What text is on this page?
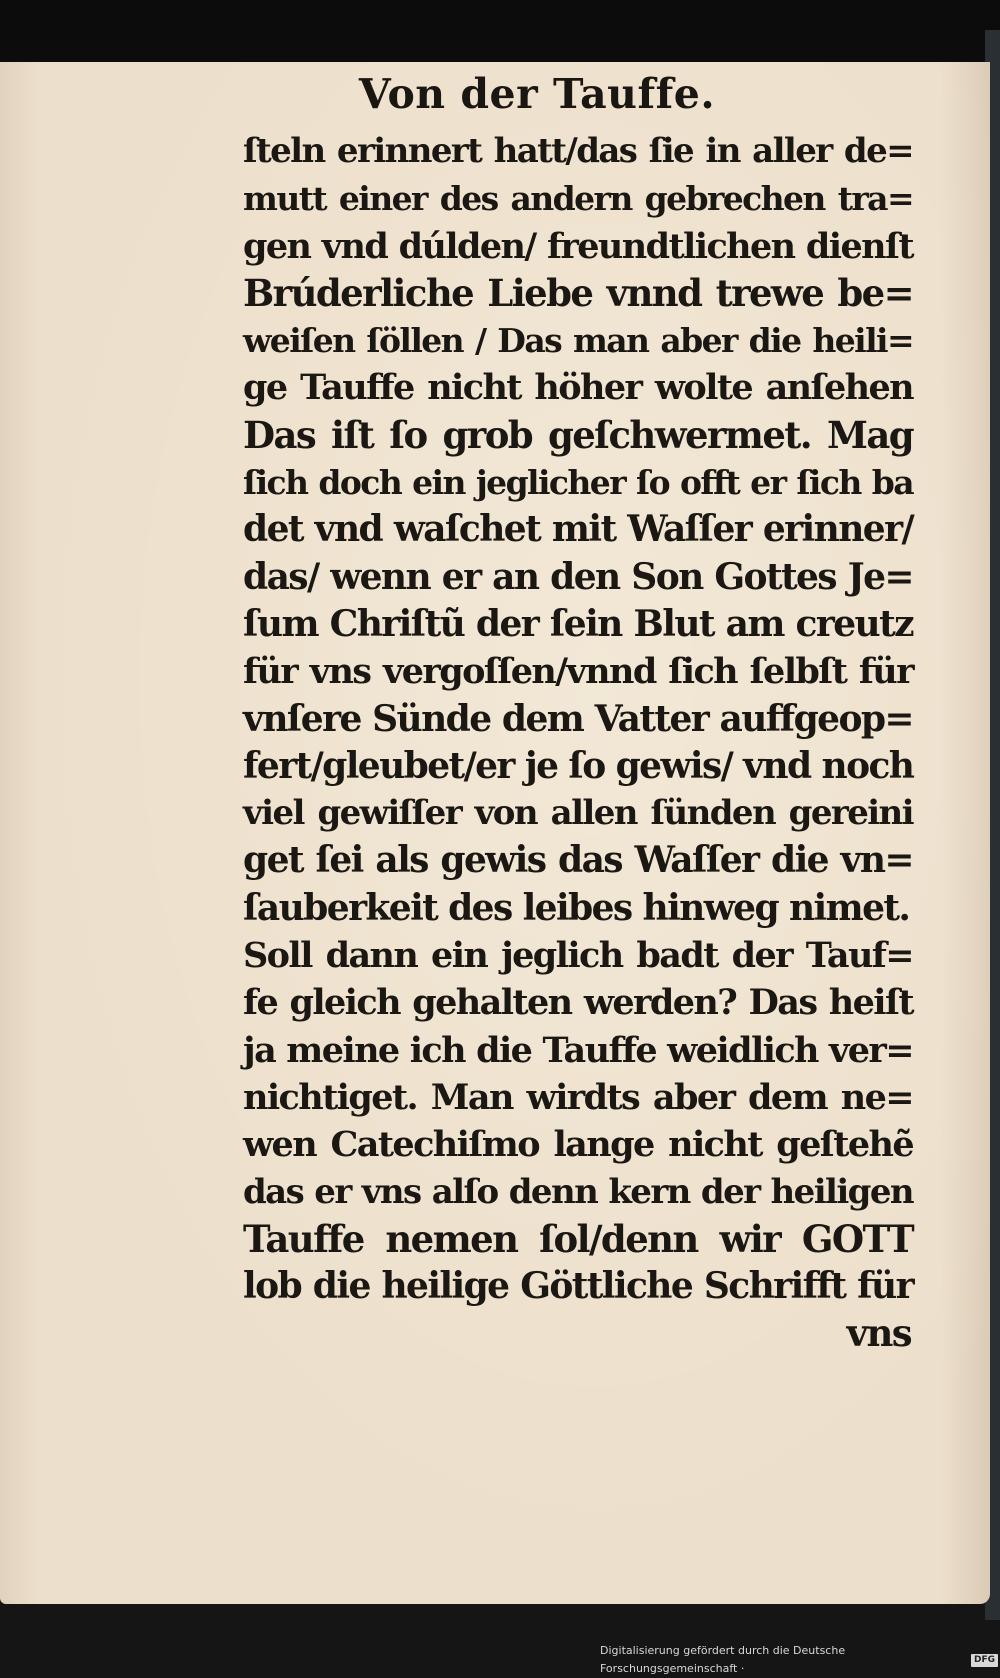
Von der Tauffe.
ſteln erinnert hatt/das ſie in aller de=
mutt einer des andern gebrechen tra=
gen vnd dúlden/ freundtlichen dienſt
Brúderliche Liebe vnnd trewe be=
weiſen ſöllen / Das man aber die heili=
ge Tauffe nicht höher wolte anſehen
Das iſt ſo grob geſchwermet. Mag
ſich doch ein jeglicher ſo offt er ſich ba
det vnd waſchet mit Waſſer erinner/
das/ wenn er an den Son Gottes Je=
ſum Chriſtũ der ſein Blut am creutz
für vns vergoſſen/vnnd ſich ſelbſt für
vnſere Sünde dem Vatter auffgeop=
fert/gleubet/er je ſo gewis/ vnd noch
viel gewiſſer von allen ſünden gereini
get ſei als gewis das Waſſer die vn=
ſauberkeit des leibes hinweg nimet.
Soll dann ein jeglich badt der Tauf=
fe gleich gehalten werden? Das heiſt
ja meine ich die Tauffe weidlich ver=
nichtiget. Man wirdts aber dem ne=
wen Catechiſmo lange nicht geſtehẽ
das er vns alſo denn kern der heiligen
Tauffe nemen ſol/denn wir GOTT
lob die heilige Göttliche Schrifft für
vns
Digitalisierung gefördert durch die Deutsche Forschungsgemeinschaft ·
DFG
